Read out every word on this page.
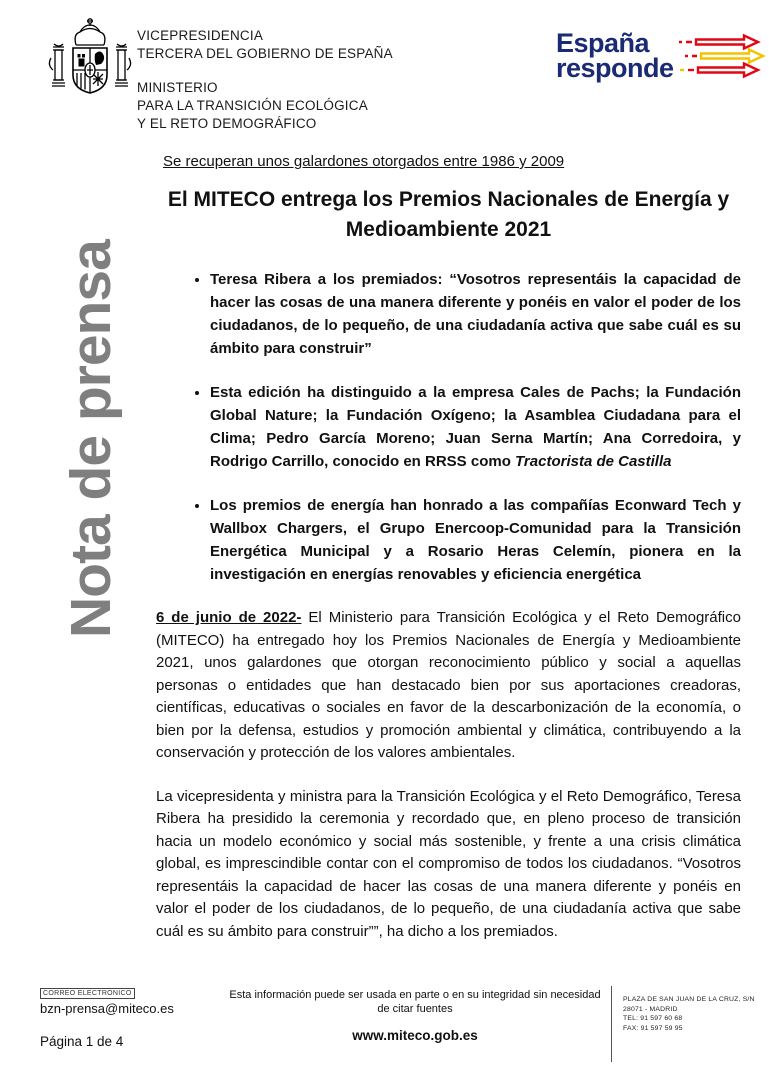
VICEPRESIDENCIA
TERCERA DEL GOBIERNO DE ESPAÑA
MINISTERIO
PARA LA TRANSICIÓN ECOLÓGICA
Y EL RETO DEMOGRÁFICO
España
responde
Nota de prensa
Se recuperan unos galardones otorgados entre 1986 y 2009
El MITECO entrega los Premios Nacionales de Energía y Medioambiente 2021
• Teresa Ribera a los premiados: “Vosotros representáis la capacidad de hacer las cosas de una manera diferente y ponéis en valor el poder de los ciudadanos, de lo pequeño, de una ciudadanía activa que sabe cuál es su ámbito para construir”
• Esta edición ha distinguido a la empresa Cales de Pachs; la Fundación Global Nature; la Fundación Oxígeno; la Asamblea Ciudadana para el Clima; Pedro García Moreno; Juan Serna Martín; Ana Corredoira, y Rodrigo Carrillo, conocido en RRSS como Tractorista de Castilla
• Los premios de energía han honrado a las compañías Econward Tech y Wallbox Chargers, el Grupo Enercoop-Comunidad para la Transición Energética Municipal y a Rosario Heras Celemín, pionera en la investigación en energías renovables y eficiencia energética

6 de junio de 2022- El Ministerio para Transición Ecológica y el Reto Demográfico (MITECO) ha entregado hoy los Premios Nacionales de Energía y Medioambiente 2021, unos galardones que otorgan reconocimiento público y social a aquellas personas o entidades que han destacado bien por sus aportaciones creadoras, científicas, educativas o sociales en favor de la descarbonización de la economía, o bien por la defensa, estudios y promoción ambiental y climática, contribuyendo a la conservación y protección de los valores ambientales.

La vicepresidenta y ministra para la Transición Ecológica y el Reto Demográfico, Teresa Ribera ha presidido la ceremonia y recordado que, en pleno proceso de transición hacia un modelo económico y social más sostenible, y frente a una crisis climática global, es imprescindible contar con el compromiso de todos los ciudadanos. “Vosotros representáis la capacidad de hacer las cosas de una manera diferente y ponéis en valor el poder de los ciudadanos, de lo pequeño, de una ciudadanía activa que sabe cuál es su ámbito para construir””, ha dicho a los premiados.

CORREO ELECTRÓNICO
bzn-prensa@miteco.es
Página 1 de 4
Esta información puede ser usada en parte o en su integridad sin necesidad de citar fuentes
www.miteco.gob.es
PLAZA DE SAN JUAN DE LA CRUZ, S/N
28071 - MADRID
TEL: 91 597 60 68
FAX: 91 597 59 95
